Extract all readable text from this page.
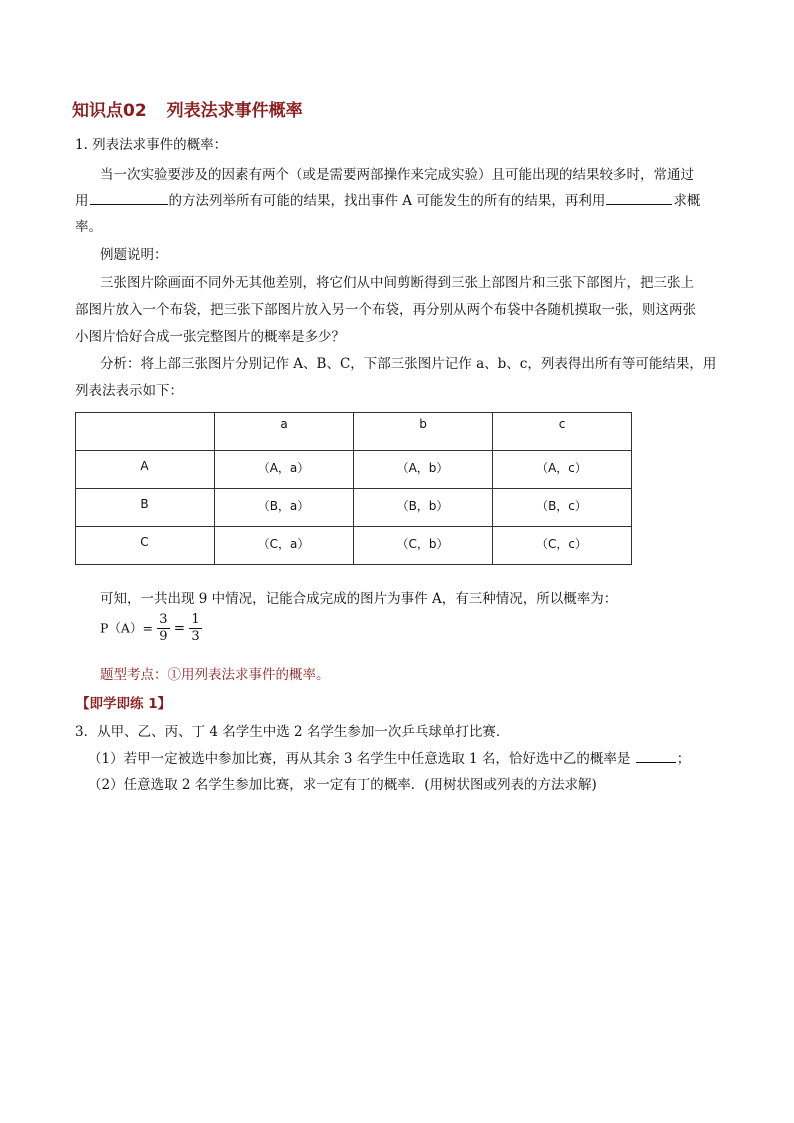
知识点02 列表法求事件概率
1. 列表法求事件的概率：
当一次实验要涉及的因素有两个（或是需要两部操作来完成实验）且可能出现的结果较多时，常通过
用	的方法列举所有可能的结果，找出事件 A 可能发生的所有的结果，再利用	求概
率。
例题说明：
三张图片除画面不同外无其他差别，将它们从中间剪断得到三张上部图片和三张下部图片，把三张上
部图片放入一个布袋，把三张下部图片放入另一个布袋，再分别从两个布袋中各随机摸取一张，则这两张
小图片恰好合成一张完整图片的概率是多少？
分析：将上部三张图片分别记作 A、B、C，下部三张图片记作 a、b、c，列表得出所有等可能结果，用
列表法表示如下：
	a	b	c
A	（A，a）	（A，b）	（A，c）
B	（B，a）	（B，b）	（B，c）
C	（C，a）	（C，b）	（C，c）
可知，一共出现 9 中情况，记能合成完成的图片为事件 A，有三种情况，所以概率为：
$P(A)= \frac{3}{9} = \frac{1}{3}$
题型考点：①用列表法求事件的概率。
【即学即练 1】
3．从甲、乙、丙、丁 4 名学生中选 2 名学生参加一次乒乓球单打比赛．
（1）若甲一定被选中参加比赛，再从其余 3 名学生中任意选取 1 名，恰好选中乙的概率是	；
（2）任意选取 2 名学生参加比赛，求一定有丁的概率．(用树状图或列表的方法求解)
